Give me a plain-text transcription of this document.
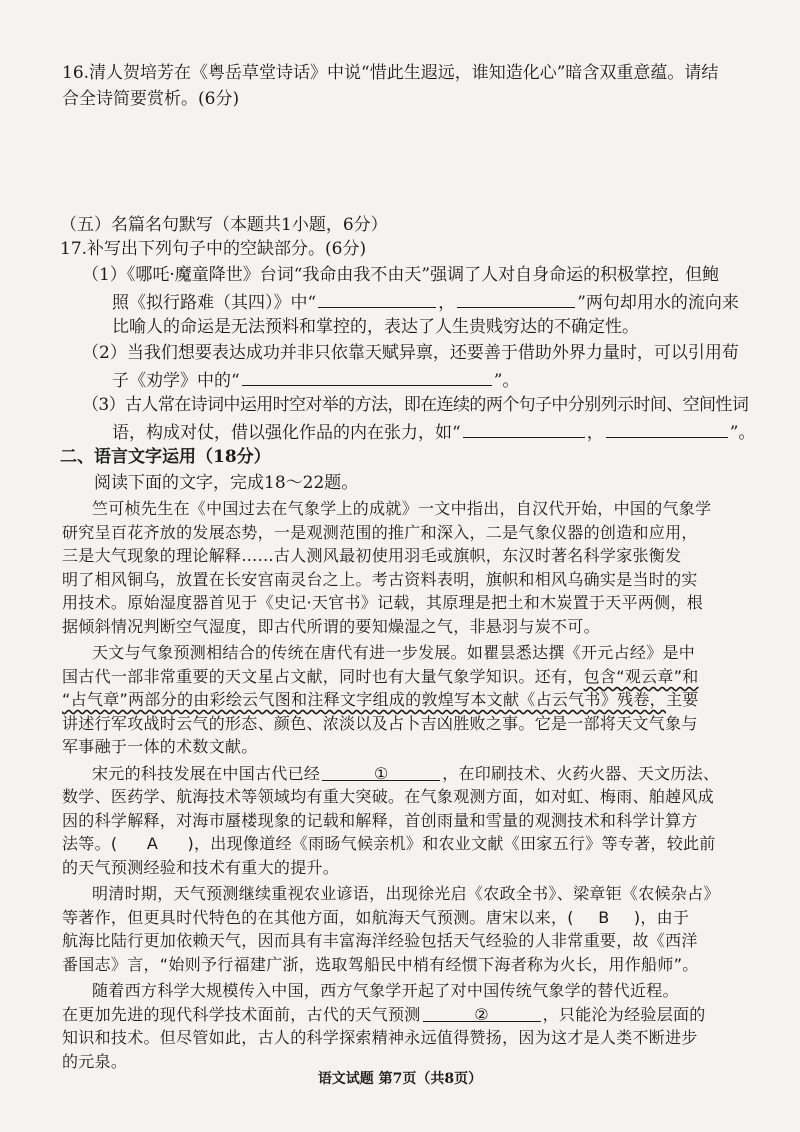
16.清人贺培芳在《粤岳草堂诗话》中说“惜此生遐远，谁知造化心”暗含双重意蕴。请结
合全诗简要赏析。(6分)
（五）名篇名句默写（本题共1小题，6分）
17.补写出下列句子中的空缺部分。(6分)
（1）《哪吒·魔童降世》台词“我命由我不由天”强调了人对自身命运的积极掌控，但鲍
照《拟行路难（其四）》中“	，	”两句却用水的流向来
比喻人的命运是无法预料和掌控的，表达了人生贵贱穷达的不确定性。
（2）当我们想要表达成功并非只依靠天赋异禀，还要善于借助外界力量时，可以引用荀
子《劝学》中的“	”。
（3）古人常在诗词中运用时空对举的方法，即在连续的两个句子中分别列示时间、空间性词
语，构成对仗，借以强化作品的内在张力，如“	，	”。
二、语言文字运用（18分）
阅读下面的文字，完成18～22题。
竺可桢先生在《中国过去在气象学上的成就》一文中指出，自汉代开始，中国的气象学
研究呈百花齐放的发展态势，一是观测范围的推广和深入，二是气象仪器的创造和应用，
三是大气现象的理论解释……古人测风最初使用羽毛或旗帜，东汉时著名科学家张衡发
明了相风铜乌，放置在长安宫南灵台之上。考古资料表明，旗帜和相风乌确实是当时的实
用技术。原始湿度器首见于《史记·天官书》记载，其原理是把土和木炭置于天平两侧，根
据倾斜情况判断空气湿度，即古代所谓的要知燥湿之气，非悬羽与炭不可。
天文与气象预测相结合的传统在唐代有进一步发展。如瞿昙悉达撰《开元占经》是中
国古代一部非常重要的天文星占文献，同时也有大量气象学知识。还有，包含“观云章”和
“占气章”两部分的由彩绘云气图和注释文字组成的敦煌写本文献《占云气书》残卷，主要
讲述行军攻战时云气的形态、颜色、浓淡以及占卜吉凶胜败之事。它是一部将天文气象与
军事融于一体的术数文献。
宋元的科技发展在中国古代已经	①	，在印刷技术、火药火器、天文历法、
数学、医药学、航海技术等领域均有重大突破。在气象观测方面，如对虹、梅雨、舶趠风成
因的科学解释，对海市蜃楼现象的记载和解释，首创雨量和雪量的观测技术和科学计算方
法等。( A )，出现像道经《雨旸气候亲机》和农业文献《田家五行》等专著，较此前
的天气预测经验和技术有重大的提升。
明清时期，天气预测继续重视农业谚语，出现徐光启《农政全书》、梁章钜《农候杂占》
等著作，但更具时代特色的在其他方面，如航海天气预测。唐宋以来，( B )，由于
航海比陆行更加依赖天气，因而具有丰富海洋经验包括天气经验的人非常重要，故《西洋
番国志》言，“始则予行福建广浙，选取驾船民中梢有经惯下海者称为火长，用作船师”。
随着西方科学大规模传入中国，西方气象学开起了对中国传统气象学的替代近程。
在更加先进的现代科学技术面前，古代的天气预测	②	，只能沦为经验层面的
知识和技术。但尽管如此，古人的科学探索精神永远值得赞扬，因为这才是人类不断进步
的元泉。
语文试题 第7页（共8页）
